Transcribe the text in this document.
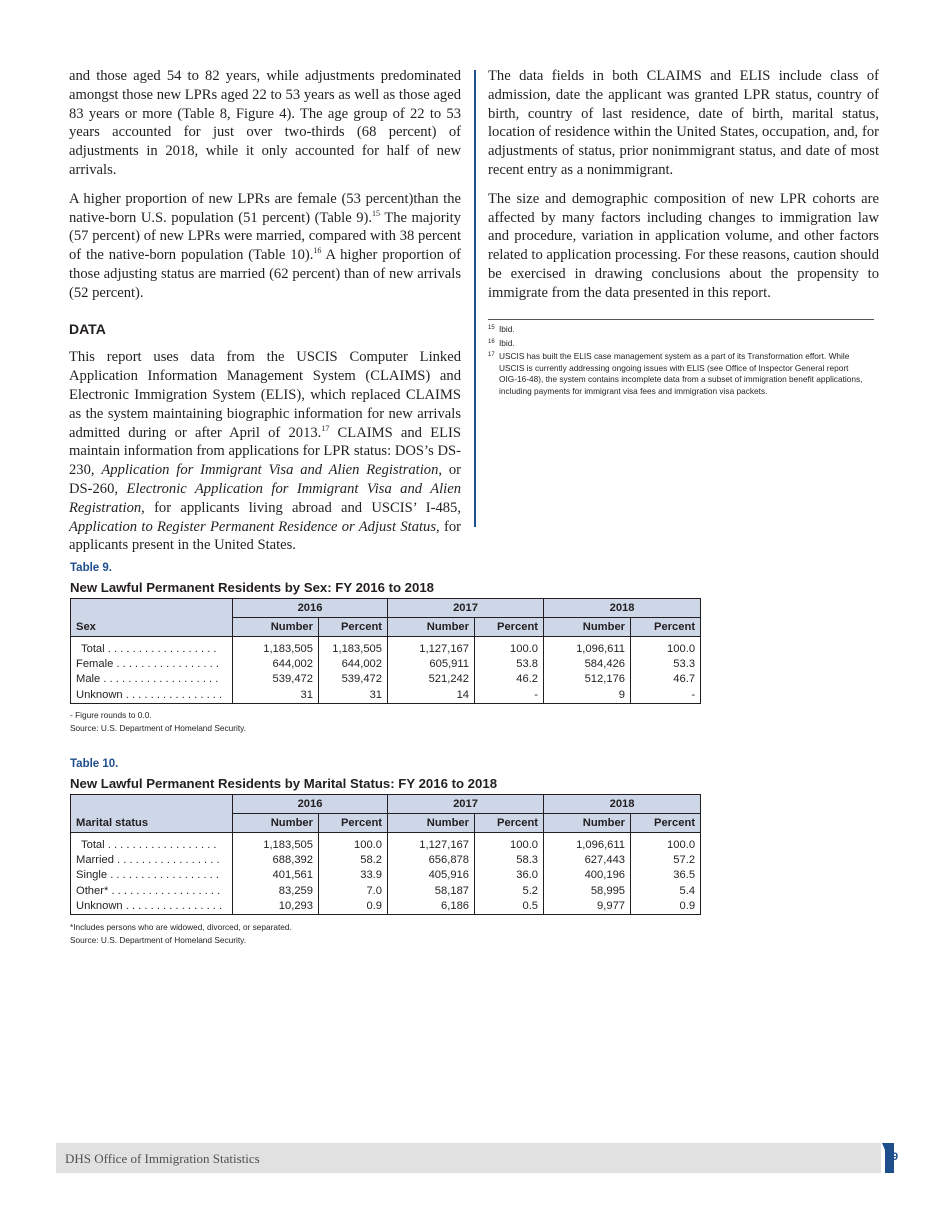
and those aged 54 to 82 years, while adjustments predominated amongst those new LPRs aged 22 to 53 years as well as those aged 83 years or more (Table 8, Figure 4). The age group of 22 to 53 years accounted for just over two-thirds (68 percent) of adjustments in 2018, while it only accounted for half of new arrivals.

A higher proportion of new LPRs are female (53 percent)than the native-born U.S. population (51 percent) (Table 9).$^{15}$ The majority (57 percent) of new LPRs were married, compared with 38 percent of the native-born population (Table 10).$^{16}$ A higher proportion of those adjusting status are married (62 percent) than of new arrivals (52 percent).

DATA

This report uses data from the USCIS Computer Linked Application Information Management System (CLAIMS) and Electronic Immigration System (ELIS), which replaced CLAIMS as the system maintaining biographic information for new arrivals admitted during or after April of 2013.17 CLAIMS and ELIS maintain information from applications for LPR status: DOS’s DS-230, Application for Immigrant Visa and Alien Registration, or DS-260, Electronic Application for Immigrant Visa and Alien Registration, for applicants living abroad and USCIS’ I-485, Application to Register Permanent Residence or Adjust Status, for applicants present in the United States.

The data fields in both CLAIMS and ELIS include class of admission, date the applicant was granted LPR status, country of birth, country of last residence, date of birth, marital status, location of residence within the United States, occupation, and, for adjustments of status, prior nonimmigrant status, and date of most recent entry as a nonimmigrant.

The size and demographic composition of new LPR cohorts are affected by many factors including changes to immigration law and procedure, variation in application volume, and other factors related to application processing. For these reasons, caution should be exercised in drawing conclusions about the propensity to immigrate from the data presented in this report.

15 Ibid.
16 Ibid.
17 USCIS has built the ELIS case management system as a part of its Transformation effort. While USCIS is currently addressing ongoing issues with ELIS (see Office of Inspector General report OIG-16-48), the system contains incomplete data from a subset of immigration benefit applications, including payments for immigrant visa fees and immigration visa packets.
Table 9.
New Lawful Permanent Residents by Sex: FY 2016 to 2018
Sex	2016		2017		2018	
	Number	Percent	Number	Percent	Number	Percent
Total . . . . . . . . . . . . . . . . . .	1,183,505	1,183,505	1,127,167	100.0	1,096,611	100.0
Female . . . . . . . . . . . . . . . . .	644,002	644,002	605,911	53.8	584,426	53.3
Male . . . . . . . . . . . . . . . . . . .	539,472	539,472	521,242	46.2	512,176	46.7
Unknown . . . . . . . . . . . . . . . .	31	31	14	-	9	-
- Figure rounds to 0.0.
Source: U.S. Department of Homeland Security.
Table 10.
New Lawful Permanent Residents by Marital Status: FY 2016 to 2018
Marital status	2016		2017		2018	
	Number	Percent	Number	Percent	Number	Percent
Total . . . . . . . . . . . . . . . . . .	1,183,505	100.0	1,127,167	100.0	1,096,611	100.0
Married . . . . . . . . . . . . . . . . .	688,392	58.2	656,878	58.3	627,443	57.2
Single . . . . . . . . . . . . . . . . . .	401,561	33.9	405,916	36.0	400,196	36.5
Other* . . . . . . . . . . . . . . . . . .	83,259	7.0	58,187	5.2	58,995	5.4
Unknown . . . . . . . . . . . . . . . .	10,293	0.9	6,186	0.5	9,977	0.9
*Includes persons who are widowed, divorced, or separated.
Source: U.S. Department of Homeland Security.
DHS Office of Immigration Statistics	9
